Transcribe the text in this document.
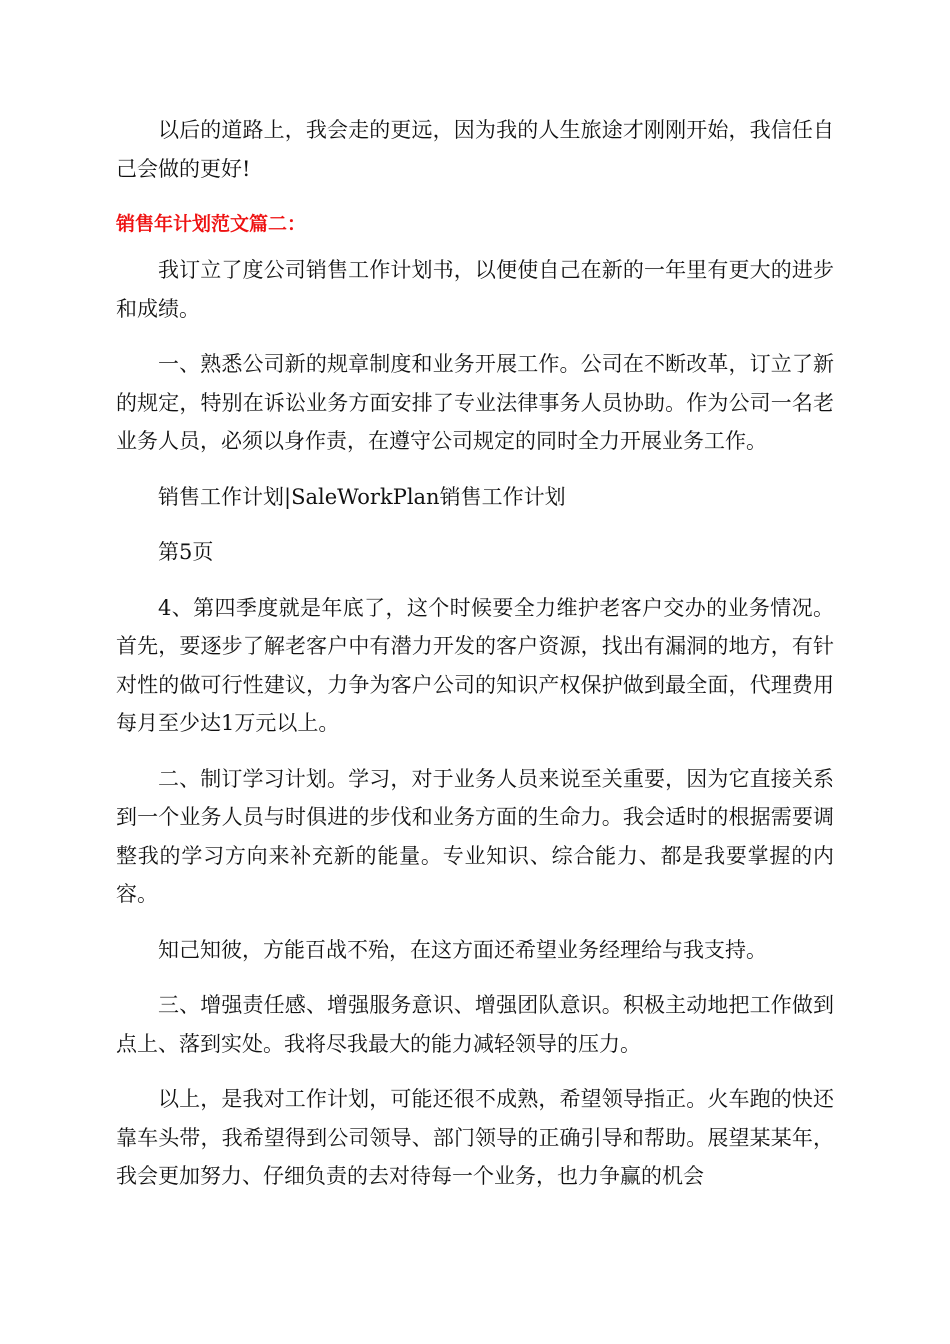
以后的道路上，我会走的更远，因为我的人生旅途才刚刚开始，我信任自己会做的更好!

销售年计划范文篇二：

我订立了度公司销售工作计划书，以便使自己在新的一年里有更大的进步和成绩。

一、熟悉公司新的规章制度和业务开展工作。公司在不断改革，订立了新的规定，特别在诉讼业务方面安排了专业法律事务人员协助。作为公司一名老业务人员，必须以身作责，在遵守公司规定的同时全力开展业务工作。

销售工作计划|SaleWorkPlan销售工作计划

第5页

4、第四季度就是年底了，这个时候要全力维护老客户交办的业务情况。首先，要逐步了解老客户中有潜力开发的客户资源，找出有漏洞的地方，有针对性的做可行性建议，力争为客户公司的知识产权保护做到最全面，代理费用每月至少达1万元以上。

二、制订学习计划。学习，对于业务人员来说至关重要，因为它直接关系到一个业务人员与时俱进的步伐和业务方面的生命力。我会适时的根据需要调整我的学习方向来补充新的能量。专业知识、综合能力、都是我要掌握的内容。

知己知彼，方能百战不殆，在这方面还希望业务经理给与我支持。

三、增强责任感、增强服务意识、增强团队意识。积极主动地把工作做到点上、落到实处。我将尽我最大的能力减轻领导的压力。

以上，是我对工作计划，可能还很不成熟，希望领导指正。火车跑的快还靠车头带，我希望得到公司领导、部门领导的正确引导和帮助。展望某某年，我会更加努力、仔细负责的去对待每一个业务，也力争赢的机会
